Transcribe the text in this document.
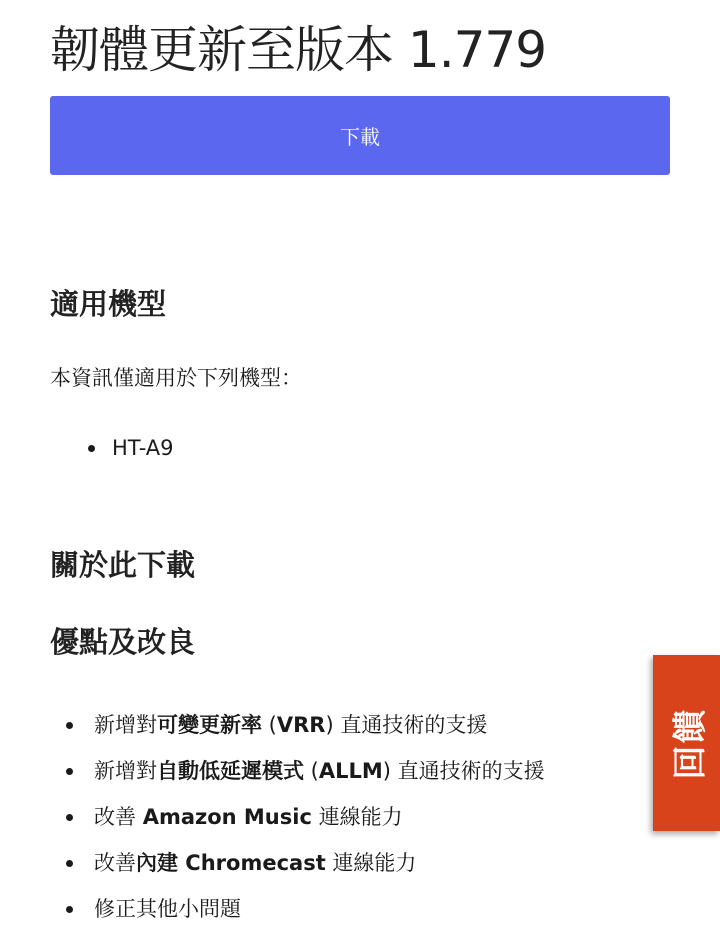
韌體更新至版本 1.779
下載
適用機型

本資訊僅適用於下列機型：

HT-A9
關於此下載
優點及改良
新增對可變更新率 (VRR) 直通技術的支援
新增對自動低延遲模式 (ALLM) 直通技術的支援
改善 Amazon Music 連線能力
改善內建 Chromecast 連線能力
修正其他小問題
回饋
